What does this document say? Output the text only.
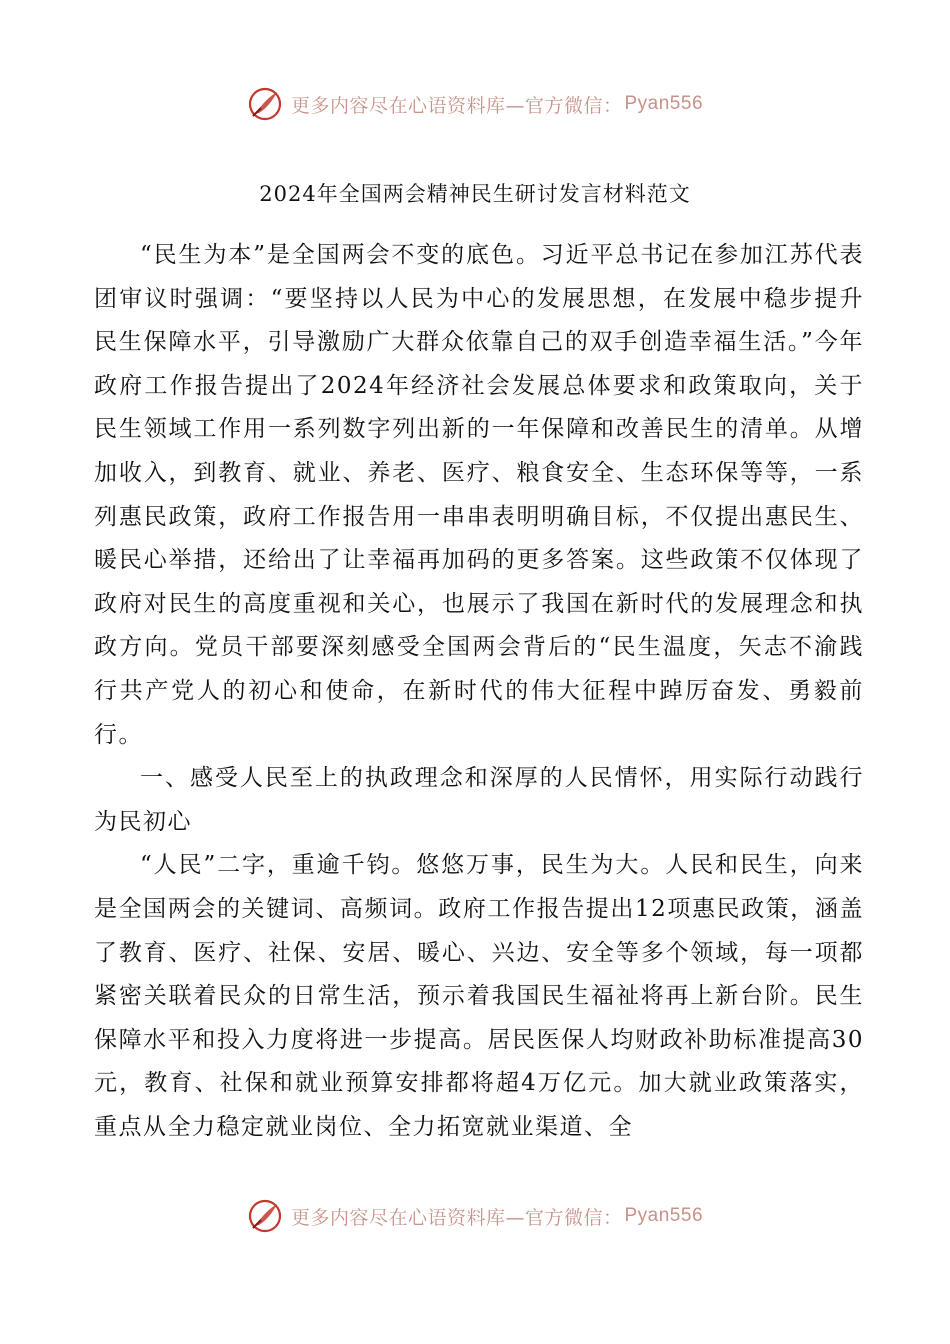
更多内容尽在心语资料库—官方微信： Pyan556
2024年全国两会精神民生研讨发言材料范文

“民生为本”是全国两会不变的底色。习近平总书记在参加江苏代表团审议时强调：“要坚持以人民为中心的发展思想，在发展中稳步提升民生保障水平，引导激励广大群众依靠自己的双手创造幸福生活。”今年政府工作报告提出了2024年经济社会发展总体要求和政策取向，关于民生领域工作用一系列数字列出新的一年保障和改善民生的清单。从增加收入，到教育、就业、养老、医疗、粮食安全、生态环保等等，一系列惠民政策，政府工作报告用一串串表明明确目标，不仅提出惠民生、暖民心举措，还给出了让幸福再加码的更多答案。这些政策不仅体现了政府对民生的高度重视和关心，也展示了我国在新时代的发展理念和执政方向。党员干部要深刻感受全国两会背后的“民生温度，矢志不渝践行共产党人的初心和使命，在新时代的伟大征程中踔厉奋发、勇毅前行。

一、感受人民至上的执政理念和深厚的人民情怀，用实际行动践行为民初心

“人民”二字，重逾千钧。悠悠万事，民生为大。人民和民生，向来是全国两会的关键词、高频词。政府工作报告提出12项惠民政策，涵盖了教育、医疗、社保、安居、暖心、兴边、安全等多个领域，每一项都紧密关联着民众的日常生活，预示着我国民生福祉将再上新台阶。民生保障水平和投入力度将进一步提高。居民医保人均财政补助标准提高30元，教育、社保和就业预算安排都将超4万亿元。加大就业政策落实，重点从全力稳定就业岗位、全力拓宽就业渠道、全

更多内容尽在心语资料库—官方微信： Pyan556
